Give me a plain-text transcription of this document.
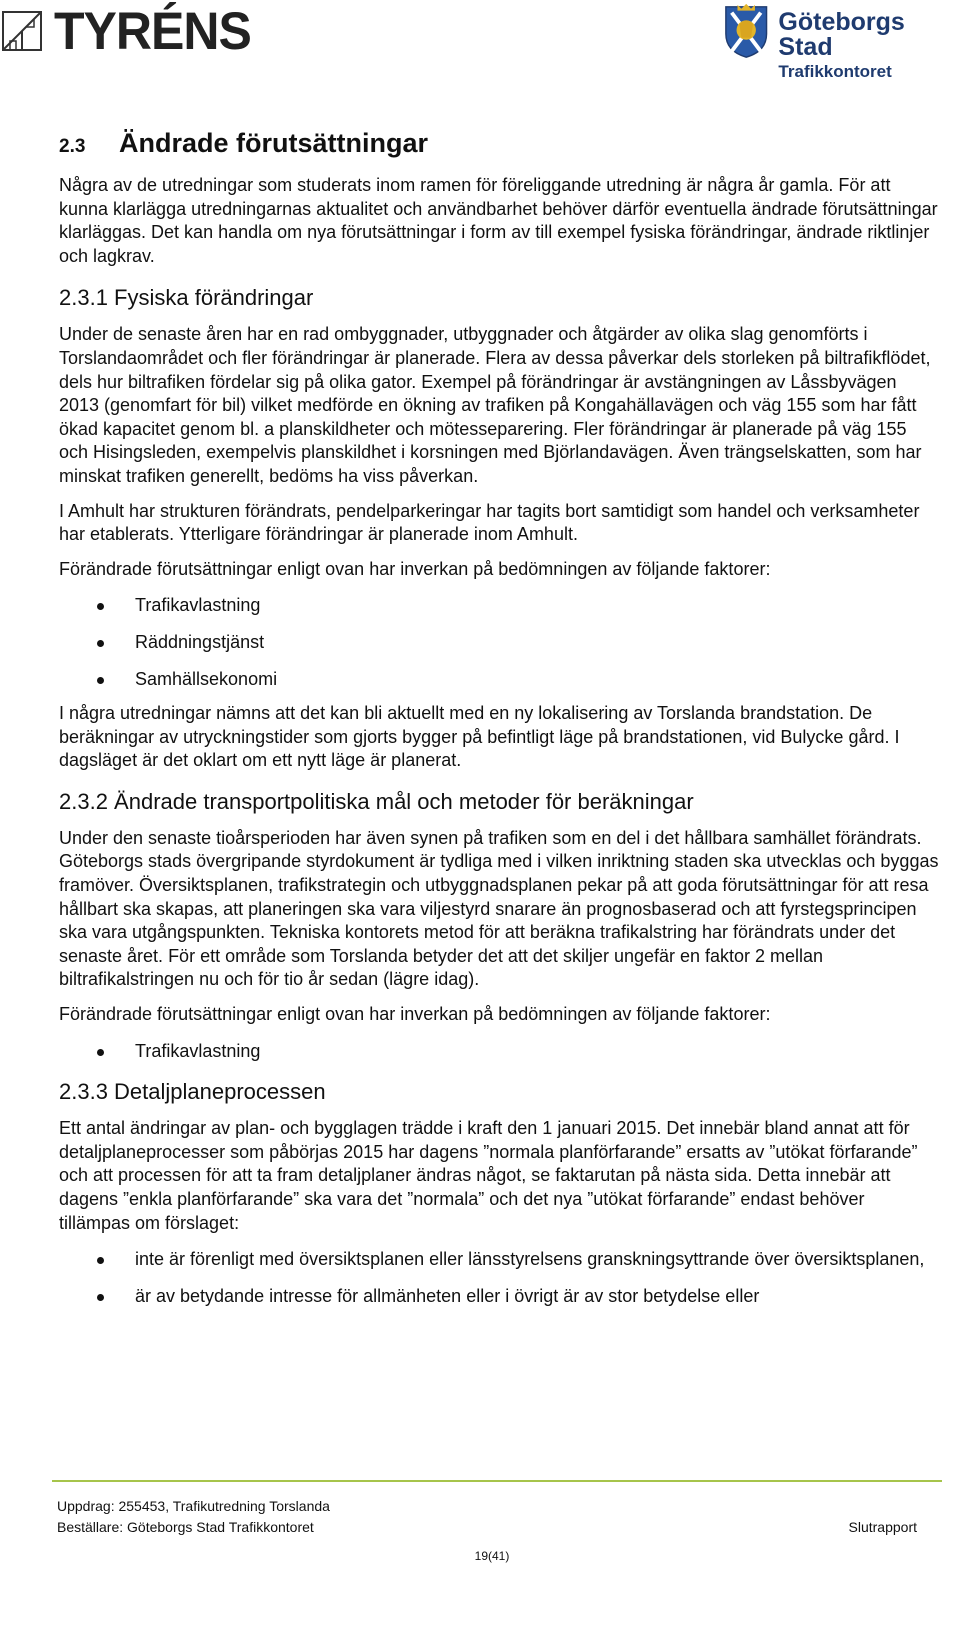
TYRÉNS	Göteborgs Stad
Trafikkontoret
2.3 Ändrade förutsättningar

Några av de utredningar som studerats inom ramen för föreliggande utredning är några år gamla. För att kunna klarlägga utredningarnas aktualitet och användbarhet behöver därför eventuella ändrade förutsättningar klarläggas. Det kan handla om nya förutsättningar i form av till exempel fysiska förändringar, ändrade riktlinjer och lagkrav.

2.3.1 Fysiska förändringar

Under de senaste åren har en rad ombyggnader, utbyggnader och åtgärder av olika slag genomförts i Torslandaområdet och fler förändringar är planerade. Flera av dessa påverkar dels storleken på biltrafikflödet, dels hur biltrafiken fördelar sig på olika gator. Exempel på förändringar är avstängningen av Låssbyvägen 2013 (genomfart för bil) vilket medförde en ökning av trafiken på Kongahällavägen och väg 155 som har fått ökad kapacitet genom bl. a planskildheter och mötesseparering. Fler förändringar är planerade på väg 155 och Hisingsleden, exempelvis planskildhet i korsningen med Björlandavägen. Även trängselskatten, som har minskat trafiken generellt, bedöms ha viss påverkan.

I Amhult har strukturen förändrats, pendelparkeringar har tagits bort samtidigt som handel och verksamheter har etablerats. Ytterligare förändringar är planerade inom Amhult.

Förändrade förutsättningar enligt ovan har inverkan på bedömningen av följande faktorer:

Trafikavlastning
Räddningstjänst
Samhällsekonomi

I några utredningar nämns att det kan bli aktuellt med en ny lokalisering av Torslanda brandstation. De beräkningar av utryckningstider som gjorts bygger på befintligt läge på brandstationen, vid Bulycke gård. I dagsläget är det oklart om ett nytt läge är planerat.

2.3.2 Ändrade transportpolitiska mål och metoder för beräkningar

Under den senaste tioårsperioden har även synen på trafiken som en del i det hållbara samhället förändrats. Göteborgs stads övergripande styrdokument är tydliga med i vilken inriktning staden ska utvecklas och byggas framöver. Översiktsplanen, trafikstrategin och utbyggnadsplanen pekar på att goda förutsättningar för att resa hållbart ska skapas, att planeringen ska vara viljestyrd snarare än prognosbaserad och att fyrstegsprincipen ska vara utgångspunkten. Tekniska kontorets metod för att beräkna trafikalstring har förändrats under det senaste året. För ett område som Torslanda betyder det att det skiljer ungefär en faktor 2 mellan biltrafikalstringen nu och för tio år sedan (lägre idag).

Förändrade förutsättningar enligt ovan har inverkan på bedömningen av följande faktorer:

Trafikavlastning
2.3.3 Detaljplaneprocessen

Ett antal ändringar av plan- och bygglagen trädde i kraft den 1 januari 2015. Det innebär bland annat att för detaljplaneprocesser som påbörjas 2015 har dagens ”normala planförfarande” ersatts av ”utökat förfarande” och att processen för att ta fram detaljplaner ändras något, se faktarutan på nästa sida. Detta innebär att dagens ”enkla planförfarande” ska vara det ”normala” och det nya ”utökat förfarande” endast behöver tillämpas om förslaget:

inte är förenligt med översiktsplanen eller länsstyrelsens granskningsyttrande över översiktsplanen,
är av betydande intresse för allmänheten eller i övrigt är av stor betydelse eller
Uppdrag: 255453, Trafikutredning Torslanda
Beställare: Göteborgs Stad Trafikkontoret	Slutrapport
19(41)
